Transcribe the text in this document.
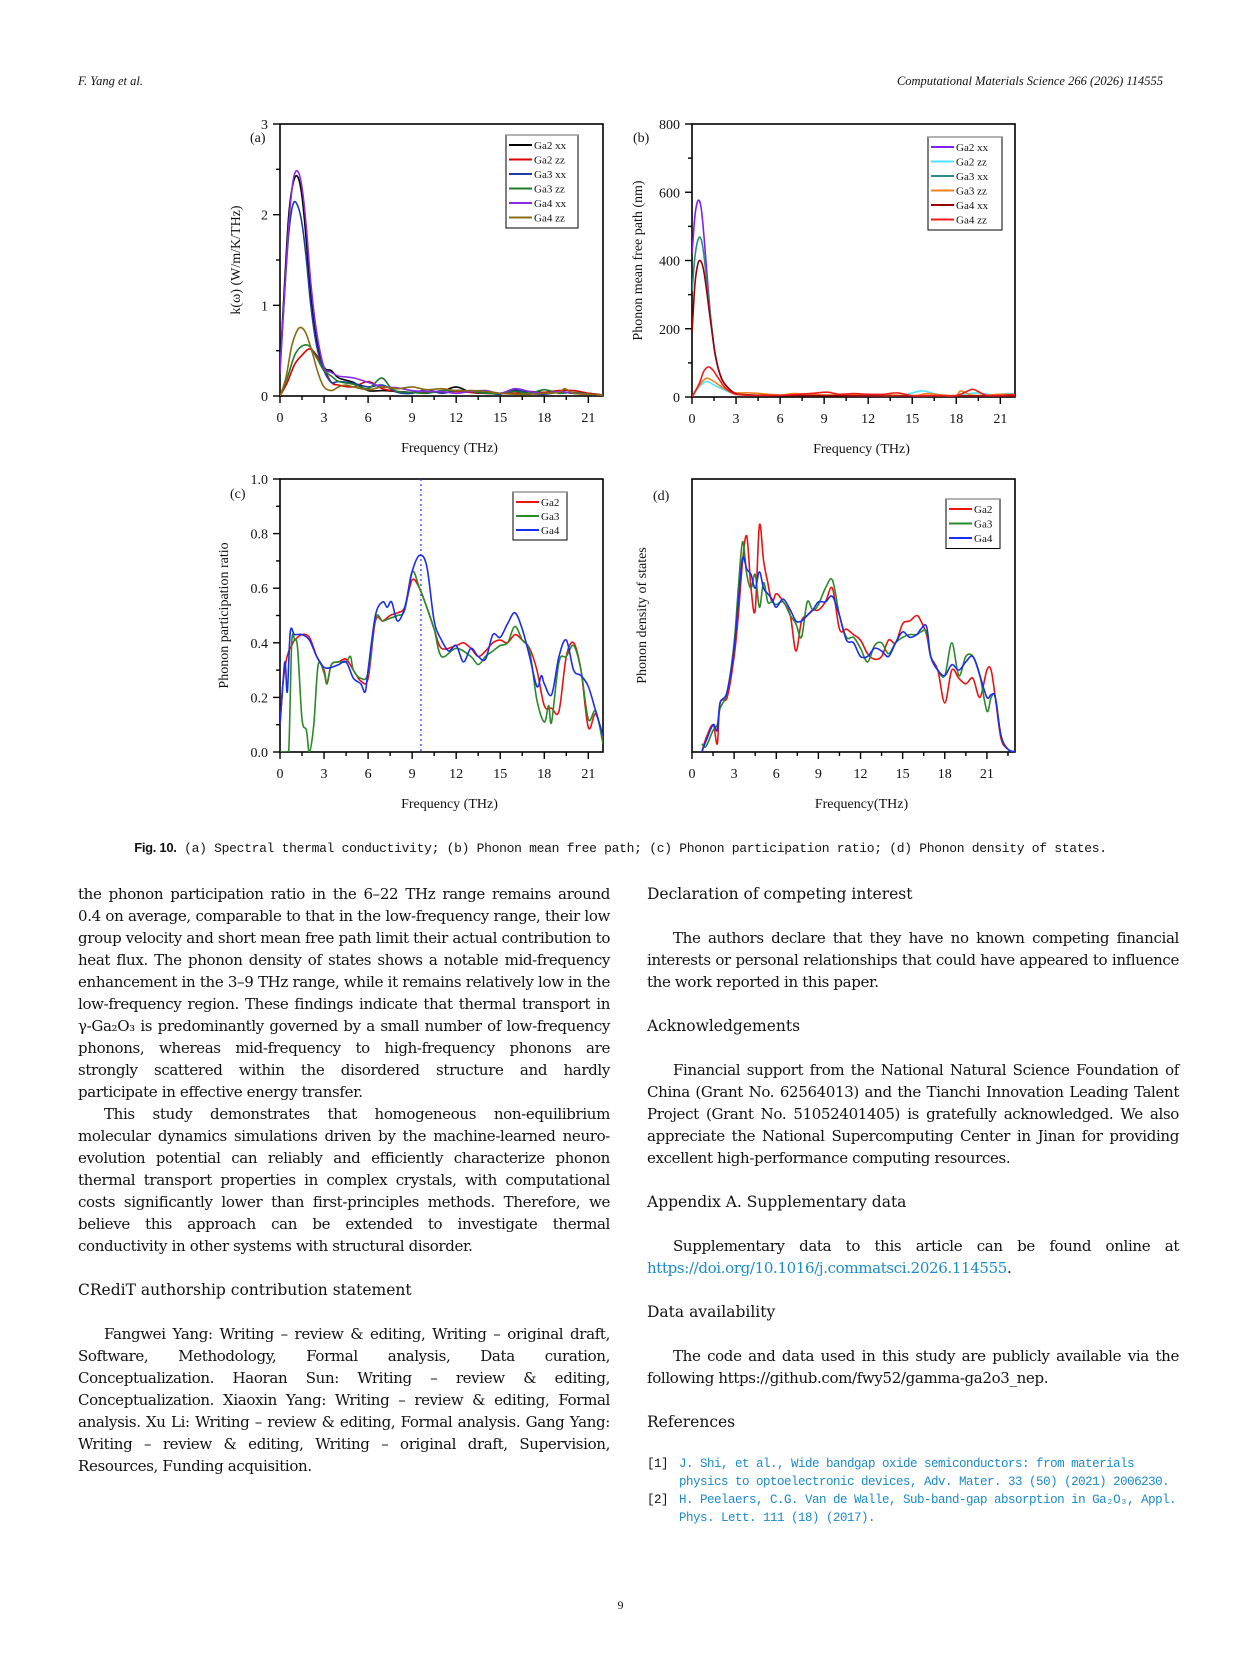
F. Yang et al.	Computational Materials Science 266 (2026) 114555
0	3	6	9 12 15 18 21
0
1
2
3
Frequency (THz)
k(ω) (W/m/K/THz)
(a)	Ga2 xx
Ga2 zz
Ga3 xx
Ga3 zz
Ga4 xx
Ga4 zz
0	3	6	9 12 15 18 21
0
200
400
600
800
Frequency (THz)
Phonon mean free path (nm)
(b)
Ga2 xx
Ga2 zz
Ga3 xx
Ga3 zz
Ga4 xx
Ga4 zz
0	3	6	9 12 15 18 21
0.0
0.2
0.4
0.6
0.8
1.0
Frequency (THz)
Phonon participation ratio
(c)
Ga2
Ga3
Ga4
0	3	6	9 12 15 18 21
Frequency(THz)
Phonon density of states
(d)
Ga2
Ga3
Ga4
Fig. 10. (a) Spectral thermal conductivity; (b) Phonon mean free path; (c) Phonon participation ratio; (d) Phonon density of states.

the phonon participation ratio in the 6–22 THz range remains around 0.4 on average, comparable to that in the low-frequency range, their low group velocity and short mean free path limit their actual contribution to heat flux. The phonon density of states shows a notable mid-frequency enhancement in the 3–9 THz range, while it remains relatively low in the low-frequency region. These findings indicate that thermal transport in γ-Ga₂O₃ is predominantly governed by a small number of low-frequency phonons, whereas mid-frequency to high-frequency phonons are strongly scattered within the disordered structure and hardly participate in effective energy transfer.

This study demonstrates that homogeneous non-equilibrium molecular dynamics simulations driven by the machine-learned neuro-evolution potential can reliably and efficiently characterize phonon thermal transport properties in complex crystals, with computational costs significantly lower than first-principles methods. Therefore, we believe this approach can be extended to investigate thermal conductivity in other systems with structural disorder.

CRediT authorship contribution statement

Fangwei Yang: Writing – review & editing, Writing – original draft, Software, Methodology, Formal analysis, Data curation, Conceptualization. Haoran Sun: Writing – review & editing, Conceptualization. Xiaoxin Yang: Writing – review & editing, Formal analysis. Xu Li: Writing – review & editing, Formal analysis. Gang Yang: Writing – review & editing, Writing – original draft, Supervision, Resources, Funding acquisition.

Declaration of competing interest

The authors declare that they have no known competing financial interests or personal relationships that could have appeared to influence the work reported in this paper.

Acknowledgements

Financial support from the National Natural Science Foundation of China (Grant No. 62564013) and the Tianchi Innovation Leading Talent Project (Grant No. 51052401405) is gratefully acknowledged. We also appreciate the National Supercomputing Center in Jinan for providing excellent high-performance computing resources.

Appendix A. Supplementary data

Supplementary data to this article can be found online at https://doi.org/10.1016/j.commatsci.2026.114555.

Data availability

The code and data used in this study are publicly available via the following https://github.com/fwy52/gamma-ga2o3_nep.

References
[1] J. Shi, et al., Wide bandgap oxide semiconductors: from materials physics to optoelectronic devices, Adv. Mater. 33 (50) (2021) 2006230.
[2] H. Peelaers, C.G. Van de Walle, Sub-band-gap absorption in Ga₂O₃, Appl. Phys. Lett. 111 (18) (2017).
9
